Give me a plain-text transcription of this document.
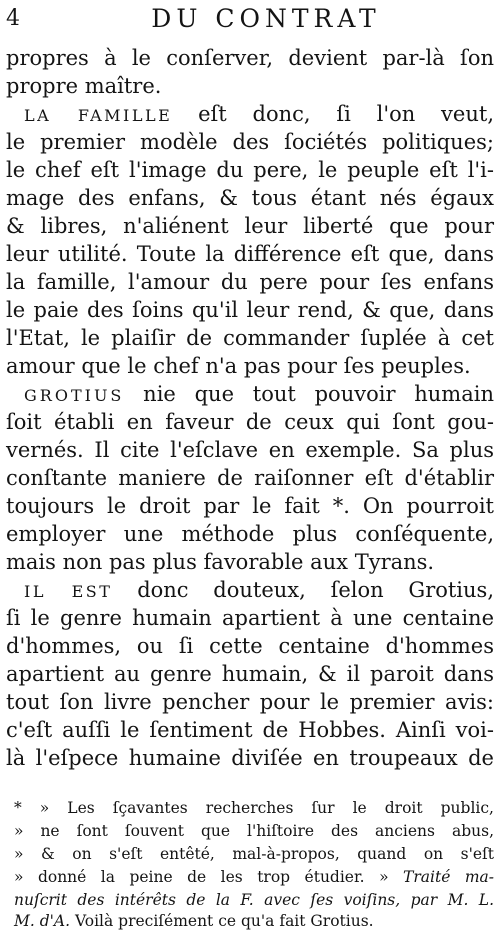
4	DU CONTRAT
propres à le conſerver, devient par-là ſon
propre maître.
LA FAMILLE eſt donc, ſi l'on veut,
le premier modèle des ſociétés politiques;
le chef eſt l'image du pere, le peuple eſt l'i-
mage des enfans, & tous étant nés égaux
& libres, n'aliénent leur liberté que pour
leur utilité. Toute la différence eſt que, dans
la famille, l'amour du pere pour ſes enfans
le paie des ſoins qu'il leur rend, & que, dans
l'Etat, le plaiſir de commander ſuplée à cet
amour que le chef n'a pas pour ſes peuples.
GROTIUS nie que tout pouvoir humain
ſoit établi en faveur de ceux qui ſont gou-
vernés. Il cite l'eſclave en exemple. Sa plus
conſtante maniere de raiſonner eſt d'établir
toujours le droit par le fait *. On pourroit
employer une méthode plus conſéquente,
mais non pas plus favorable aux Tyrans.
IL EST donc douteux, ſelon Grotius,
ſi le genre humain apartient à une centaine
d'hommes, ou ſi cette centaine d'hommes
apartient au genre humain, & il paroit dans
tout ſon livre pencher pour le premier avis:
c'eſt auſſi le ſentiment de Hobbes. Ainſi voi-
là l'eſpece humaine diviſée en troupeaux de
* » Les ſçavantes recherches ſur le droit public,
» ne ſont ſouvent que l'hiſtoire des anciens abus,
» & on s'eſt entêté, mal-à-propos, quand on s'eſt
» donné la peine de les trop étudier. » Traité ma-
nuſcrit des intérêts de la F. avec ſes voiſins, par M. L.
M. d'A. Voilà preciſément ce qu'a fait Grotius.
